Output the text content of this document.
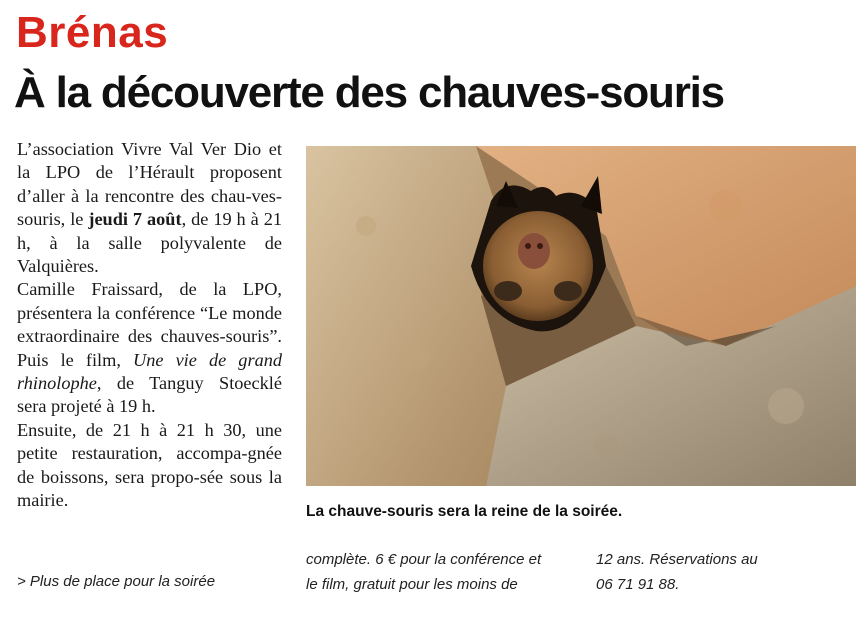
Brénas
À la découverte des chauves-souris

L’association Vivre Val Ver Dio et la LPO de l’Hérault proposent d’aller à la rencontre des chau-ves-souris, le jeudi 7 août, de 19 h à 21 h, à la salle polyvalente de Valquières.

Camille Fraissard, de la LPO, présentera la conférence “Le monde extraordinaire des chauves-souris”. Puis le film, Une vie de grand rhinolophe, de Tanguy Stoecklé sera projeté à 19 h.

Ensuite, de 21 h à 21 h 30, une petite restauration, accompa-gnée de boissons, sera propo-sée sous la mairie.

La chauve-souris sera la reine de la soirée.
> Plus de place pour la soirée
complète. 6 € pour la conférence et
le film, gratuit pour les moins de
12 ans. Réservations au
06 71 91 88.
